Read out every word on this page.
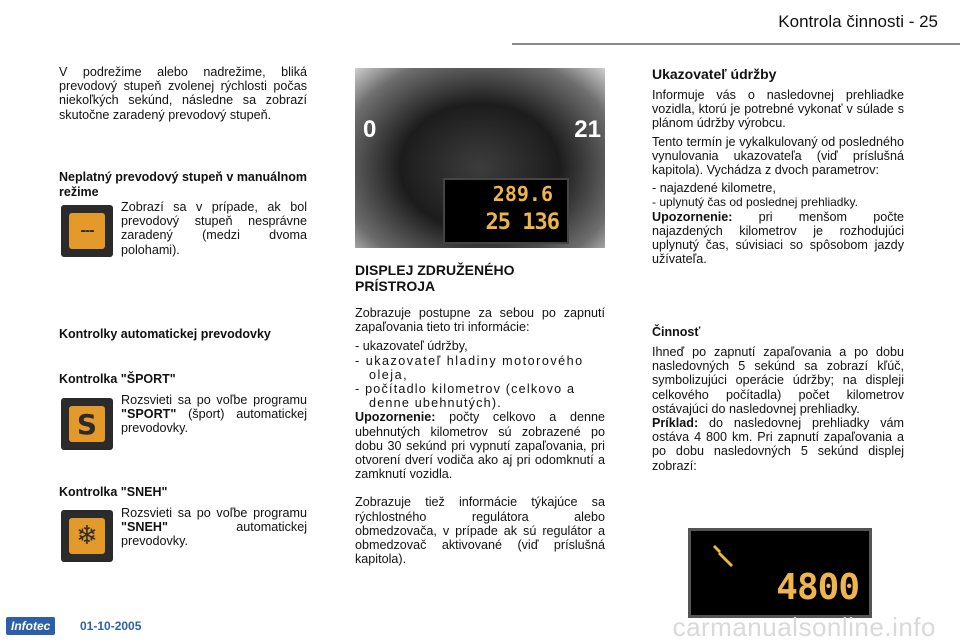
Kontrola činnosti - 25

V podrežime alebo nadrežime, bliká prevodový stupeň zvolenej rýchlosti počas niekoľkých sekúnd, následne sa zobrazí skutočne zaradený prevodový stupeň.

Neplatný prevodový stupeň v manuálnom režime
---

Zobrazí sa v prípade, ak bol prevodový stupeň nesprávne zaradený (medzi dvoma polohami).

Kontrolky automatickej prevodovky
Kontrolka "ŠPORT"
S

Rozsvieti sa po voľbe programu "SPORT" (šport) automatickej prevodovky.

Kontrolka "SNEH"
❄

Rozsvieti sa po voľbe programu "SNEH" automatickej prevodovky.

0	21
289.6
25 136
DISPLEJ ZDRUŽENÉHO PRÍSTROJA

Zobrazuje postupne za sebou po zapnutí zapaľovania tieto tri informácie:

- ukazovateľ údržby,

- ukazovateľ hladiny motorového oleja,

- počítadlo kilometrov (celkovo a denne ubehnutých).

Upozornenie: počty celkovo a denne ubehnutých kilometrov sú zobrazené po dobu 30 sekúnd pri vypnutí zapaľovania, pri otvorení dverí vodiča ako aj pri odomknutí a zamknutí vozidla.

Zobrazuje tiež informácie týkajúce sa rýchlostného regulátora alebo obmedzovača, v prípade ak sú regulátor a obmedzovač aktivované (viď príslušná kapitola).

Ukazovateľ údržby

Informuje vás o nasledovnej prehliadke vozidla, ktorú je potrebné vykonať v súlade s plánom údržby výrobcu.

Tento termín je vykalkulovaný od posledného vynulovania ukazovateľa (viď príslušná kapitola). Vychádza z dvoch parametrov:

- najazdené kilometre,

- uplynutý čas od poslednej prehliadky.

Upozornenie: pri menšom počte najazdených kilometrov je rozhodujúci uplynutý čas, súvisiaci so spôsobom jazdy užívateľa.

Činnosť

Ihneď po zapnutí zapaľovania a po dobu nasledovných 5 sekúnd sa zobrazí kľúč, symbolizujúci operácie údržby; na displeji celkového počítadla) počet kilometrov ostávajúci do nasledovnej prehliadky.

Príklad: do nasledovnej prehliadky vám ostáva 4 800 km. Pri zapnutí zapaľovania a po dobu nasledovných 5 sekúnd displej zobrazí:

4800
Infotec	01-10-2005	carmanualsonline.info
